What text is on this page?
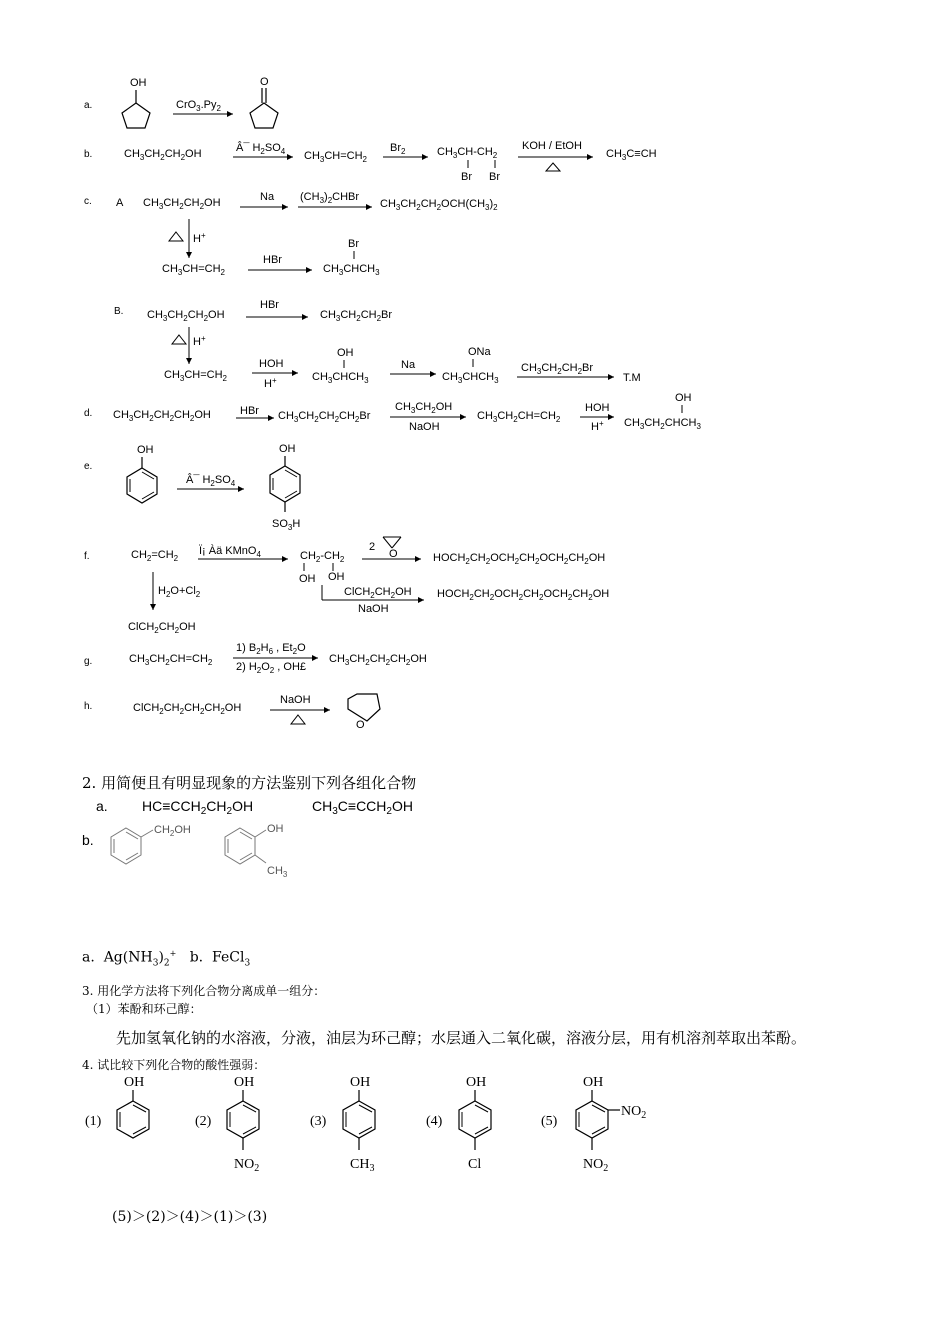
a.
OH
$CrO_3.Py_2$
O
b.	$CH_3CH_2CH_2OH$	Â¯ $H_2SO_4$ $CH_3CH=CH_2$
$Br_2$	$CH_3CH-CH_2$
Br Br
KOH / EtOH
$CH_3C\equiv CH$
c. A $CH_3CH_2CH_2OH$	Na $(CH_3)_2CHBr$
$CH_3CH_2CH_2OCH(CH_3)_2$
H+
$CH_3CH=CH_2$
HBr
Br
$CH_3CHCH_3$
B. $CH_3CH_2CH_2OH$
HBr
$CH_3CH_2CH_2Br$
H+
$CH_3CH=CH_2$
HOH
H+
OH
$CH_3CHCH_3$
Na
ONa
$CH_3CHCH_3$
$CH_3CH_2CH_2Br$
T.M
d. $CH_3CH_2CH_2CH_2OH$	HBr $CH_3CH_2CH_2CH_2Br$
$CH_3CH_2OH$
NaOH
$CH_3CH_2CH=CH_2$
HOH
H+
OH
$CH_3CH_2CHCH_3$
e.
OH
Â¯ $H_2SO_4$
OH
$SO_3H$
f.	$CH_2=CH_2$
Ï¡ Àä KMnO$_4$	$CH_2-CH_2$
OH OH
2
O	$HOCH_2CH_2OCH_2CH_2OCH_2CH_2OH$
$ClCH_2CH_2OH$
NaOH
$HOCH_2CH_2OCH_2CH_2OCH_2CH_2OH$
$H_2O+Cl_2$
$ClCH_2CH_2OH$
g.	$CH_3CH_2CH=CH_2$
1) $B_2H_6$ , $Et_2O$
2) $H_2O_2$ , OH£
$CH_3CH_2CH_2CH_2OH$
h.	$ClCH_2CH_2CH_2CH_2OH$
NaOH
O
a. $HC\equiv CCH_2CH_2OH$	$CH_3C\equiv CCH_2OH$
b.
$CH_2OH$	OH
$CH_3$
(1)
OH
(2)
OH
$NO_2$
(3)
OH
$CH_3$
(4)
OH
Cl
(5)
OH
$NO_2$
$NO_2$
2. 用简便且有明显现象的方法鉴别下列各组化合物
a.  $Ag(NH_3)_2^+$   b.  FeCl$_3$
3. 用化学方法将下列化合物分离成单一组分：
（1）苯酚和环己醇：
先加氢氧化钠的水溶液，分液，油层为环己醇；水层通入二氧化碳，溶液分层，用有机溶剂萃取出苯酚。
4. 试比较下列化合物的酸性强弱：
(5)＞(2)＞(4)＞(1)＞(3)
